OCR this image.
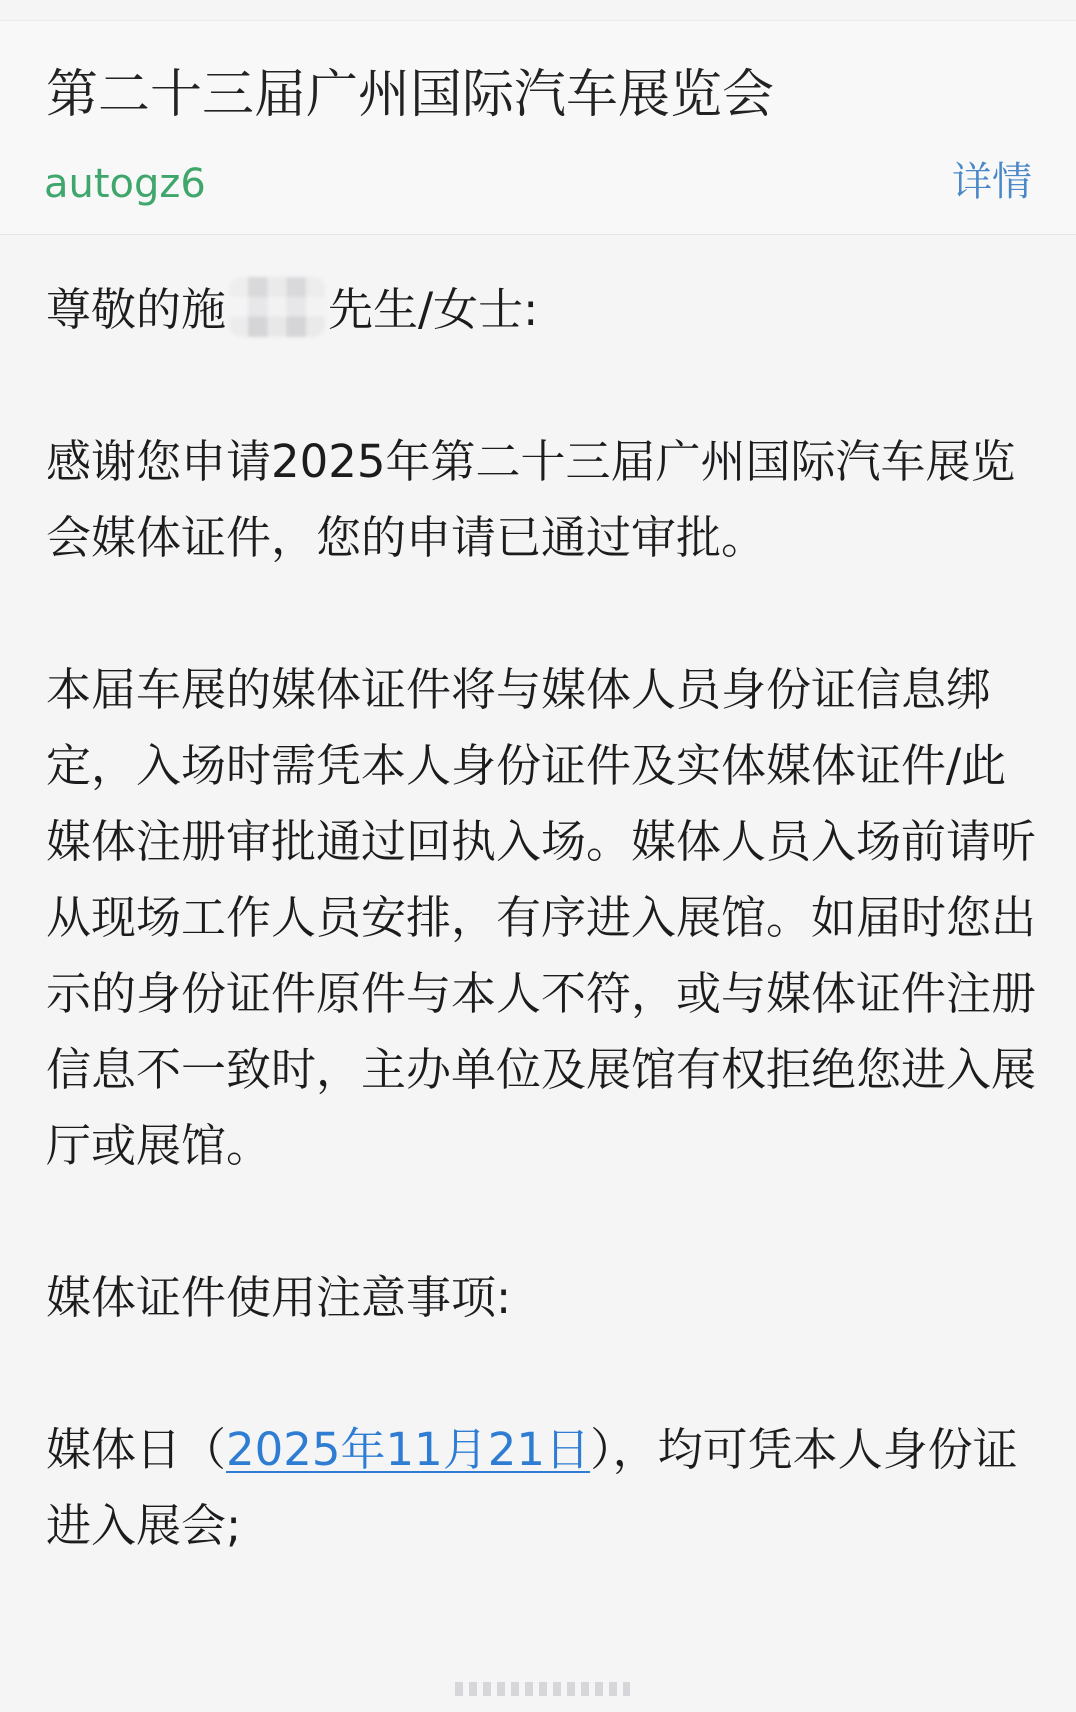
第二十三届广州国际汽车展览会
autogz6	详情

尊敬的施 先生/女士:

感谢您申请2025年第二十三届广州国际汽车展览会媒体证件，您的申请已通过审批。

本届车展的媒体证件将与媒体人员身份证信息绑定，入场时需凭本人身份证件及实体媒体证件/此媒体注册审批通过回执入场。媒体人员入场前请听从现场工作人员安排，有序进入展馆。如届时您出示的身份证件原件与本人不符，或与媒体证件注册信息不一致时，主办单位及展馆有权拒绝您进入展厅或展馆。

媒体证件使用注意事项:

媒体日（2025年11月21日），均可凭本人身份证进入展会;
